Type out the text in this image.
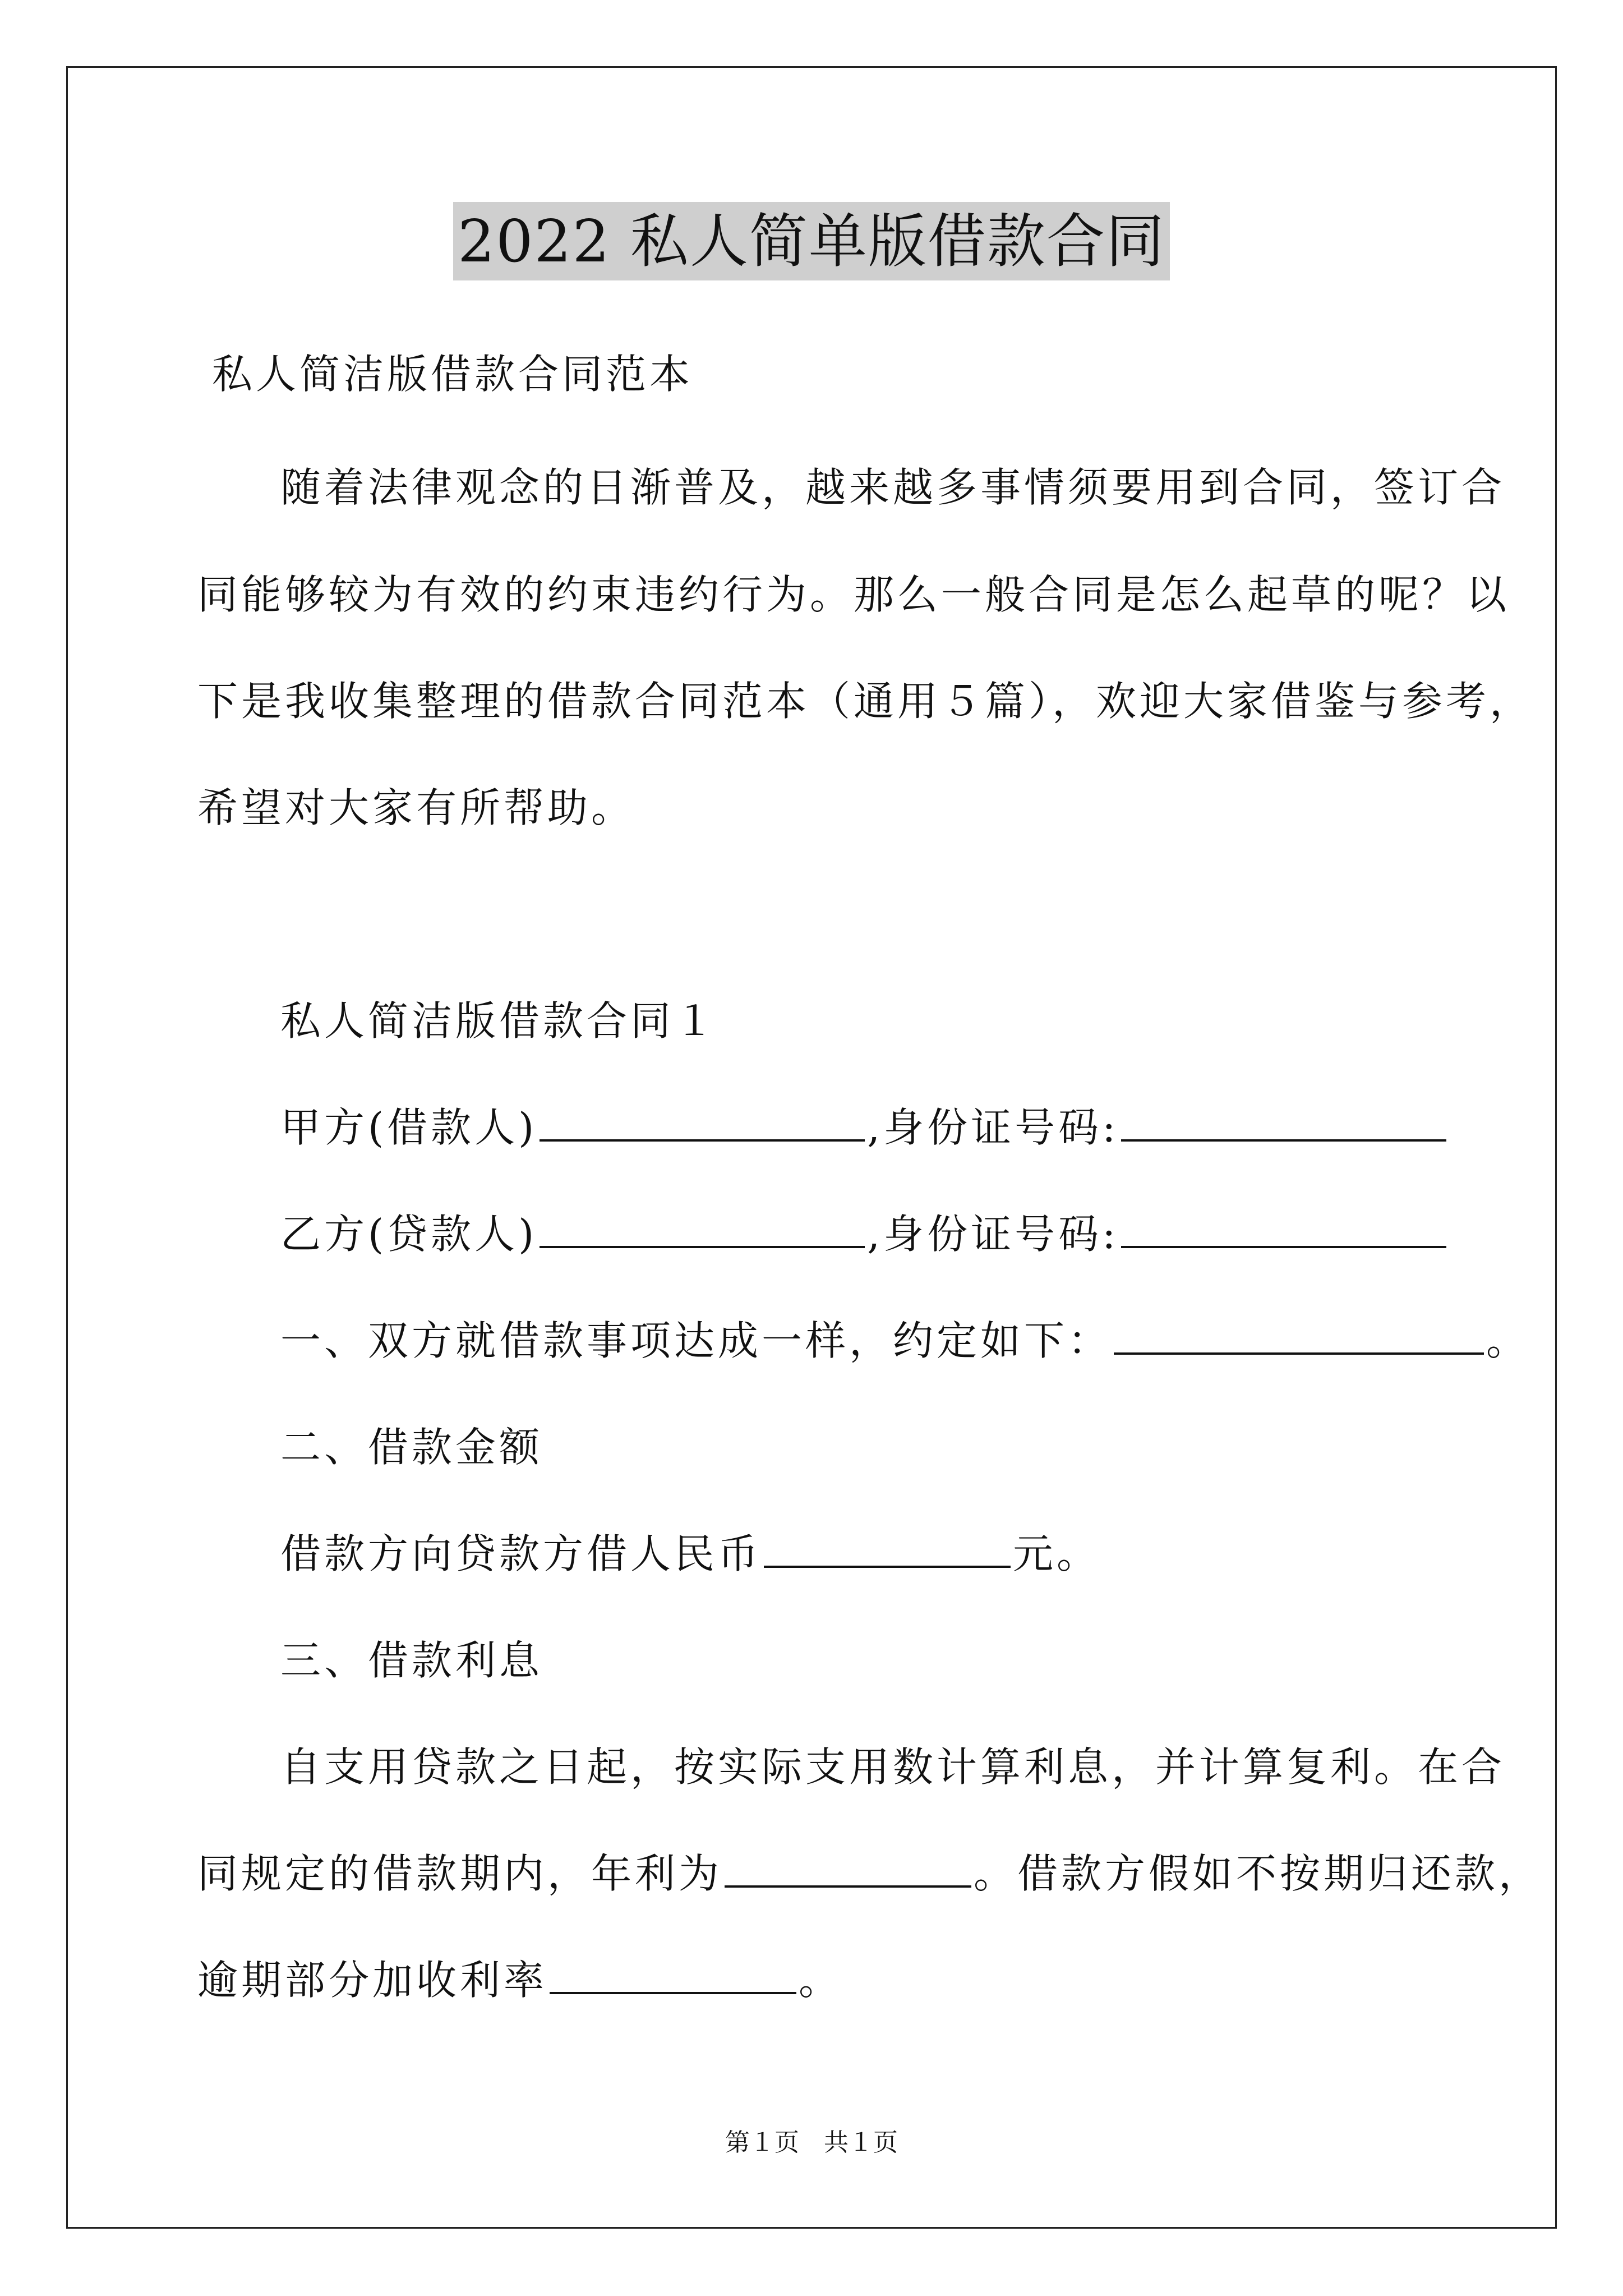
2022 私人简单版借款合同
私人简洁版借款合同范本
随着法律观念的日渐普及，越来越多事情须要用到合同，签订合
同能够较为有效的约束违约行为。那么一般合同是怎么起草的呢？以
下是我收集整理的借款合同范本（通用５篇），欢迎大家借鉴与参考，
希望对大家有所帮助。
私人简洁版借款合同１
甲方(借款人)	,身份证号码:
乙方(贷款人)	,身份证号码:
一、双方就借款事项达成一样，约定如下：	。
二、借款金额
借款方向贷款方借人民币	元。
三、借款利息
自支用贷款之日起，按实际支用数计算利息，并计算复利。在合
同规定的借款期内，年利为	。借款方假如不按期归还款，
逾期部分加收利率	。
第１页　共１页
